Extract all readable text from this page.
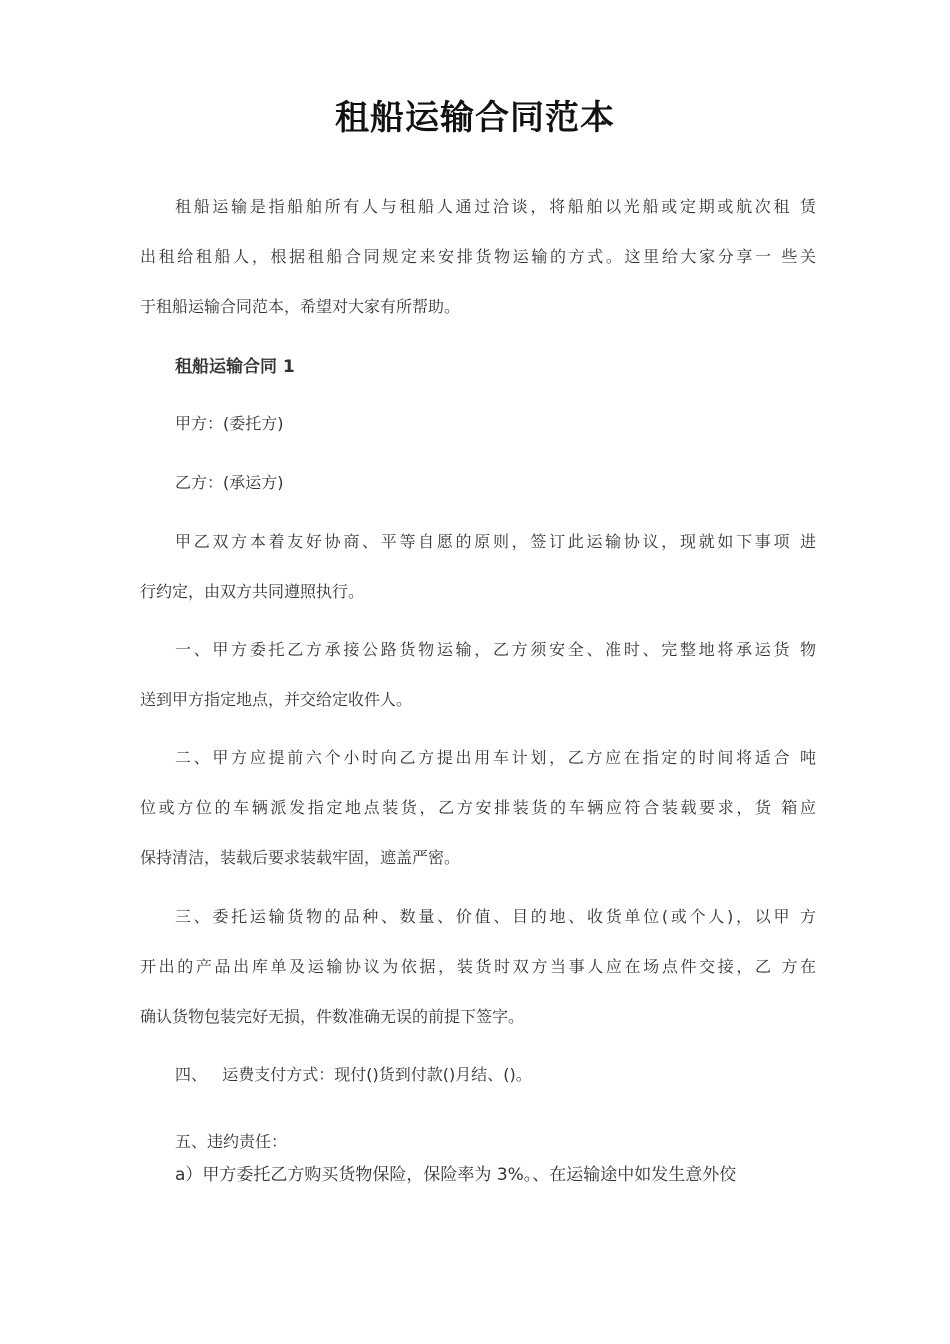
租船运输合同范本
租船运输是指船舶所有人与租船人通过洽谈，将船舶以光船或定期或航次租 赁
出租给租船人，根据租船合同规定来安排货物运输的方式。这里给大家分享一 些关
于租船运输合同范本，希望对大家有所帮助。
租船运输合同 1
甲方：(委托方)
乙方：(承运方)
甲乙双方本着友好协商、平等自愿的原则，签订此运输协议，现就如下事项 进
行约定，由双方共同遵照执行。
一、甲方委托乙方承接公路货物运输，乙方须安全、准时、完整地将承运货 物
送到甲方指定地点，并交给定收件人。
二、甲方应提前六个小时向乙方提出用车计划，乙方应在指定的时间将适合 吨
位或方位的车辆派发指定地点装货，乙方安排装货的车辆应符合装载要求，货 箱应
保持清洁，装载后要求装载牢固，遮盖严密。
三、委托运输货物的品种、数量、价值、目的地、收货单位(或个人)，以甲 方
开出的产品出库单及运输协议为依据，装货时双方当事人应在场点件交接，乙 方在
确认货物包装完好无损，件数准确无误的前提下签字。
四、   运费支付方式：现付()货到付款()月结、()。
五、违约责任：
a）甲方委托乙方购买货物保险，保险率为 3%。、在运输途中如发生意外佼
